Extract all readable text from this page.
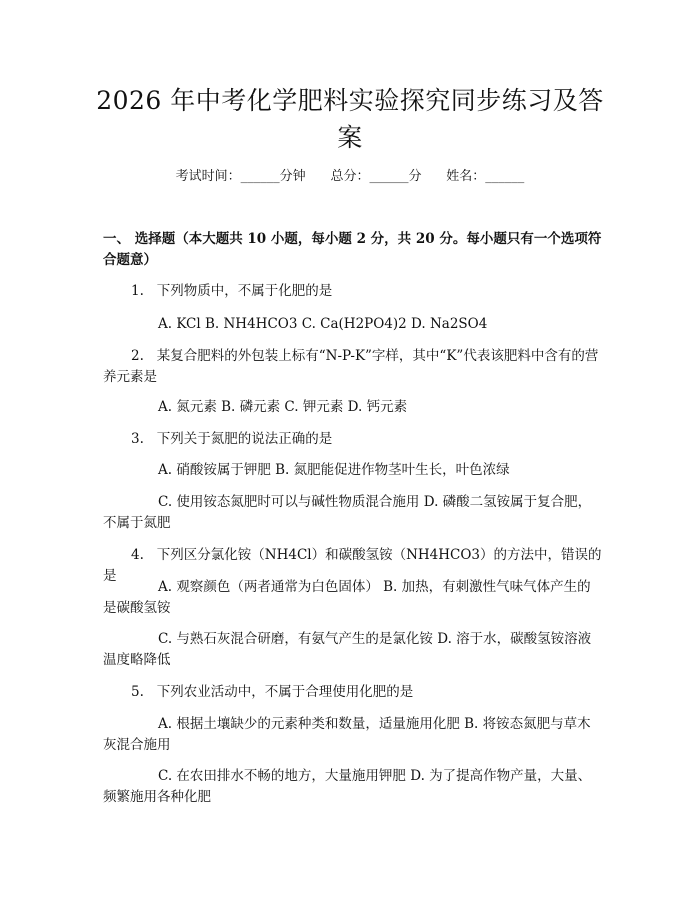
2026 年中考化学肥料实验探究同步练习及答
案
考试时间：______分钟 总分：______分 姓名：______
一、 选择题（本大题共 10 小题，每小题 2 分，共 20 分。每小题只有一个选项符合题意）
1. 下列物质中，不属于化肥的是
A. KCl B. NH4HCO3 C. Ca(H2PO4)2 D. Na2SO4
2. 某复合肥料的外包装上标有“N-P-K”字样，其中“K”代表该肥料中含有的营养元素是
A. 氮元素 B. 磷元素 C. 钾元素 D. 钙元素
3. 下列关于氮肥的说法正确的是
A. 硝酸铵属于钾肥 B. 氮肥能促进作物茎叶生长，叶色浓绿
C. 使用铵态氮肥时可以与碱性物质混合施用 D. 磷酸二氢铵属于复合肥，不属于氮肥
4. 下列区分氯化铵（NH4Cl）和碳酸氢铵（NH4HCO3）的方法中，错误的是
A. 观察颜色（两者通常为白色固体） B. 加热，有刺激性气味气体产生的是碳酸氢铵
C. 与熟石灰混合研磨，有氨气产生的是氯化铵 D. 溶于水，碳酸氢铵溶液温度略降低
5. 下列农业活动中，不属于合理使用化肥的是
A. 根据土壤缺少的元素种类和数量，适量施用化肥 B. 将铵态氮肥与草木灰混合施用
C. 在农田排水不畅的地方，大量施用钾肥 D. 为了提高作物产量，大量、频繁施用各种化肥
